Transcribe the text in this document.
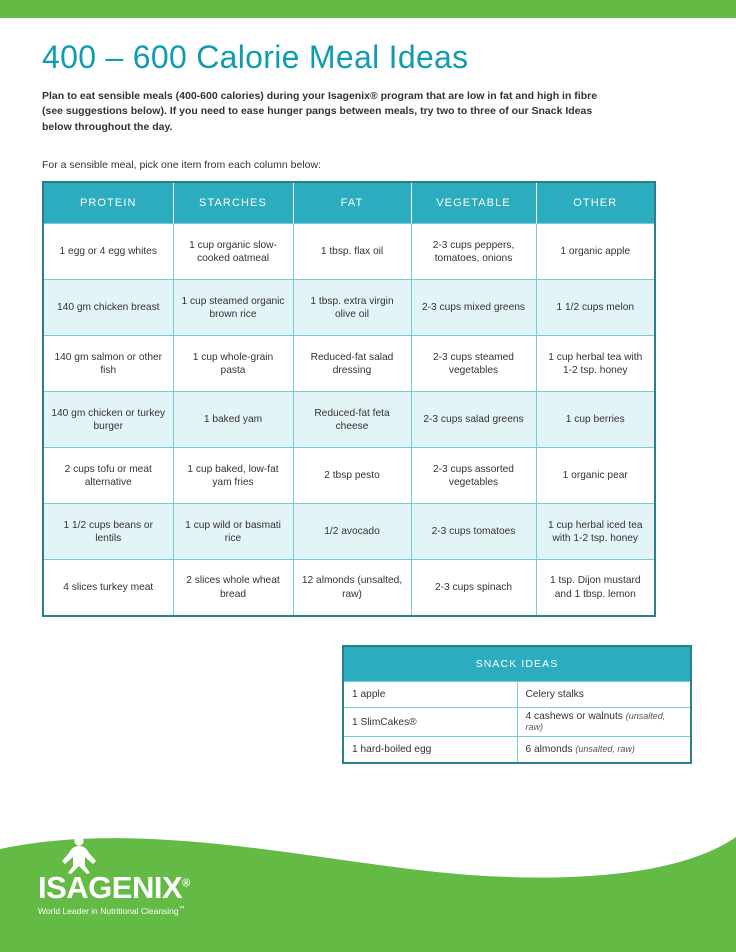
400 – 600 Calorie Meal Ideas

Plan to eat sensible meals (400-600 calories) during your Isagenix® program that are low in fat and high in fibre (see suggestions below). If you need to ease hunger pangs between meals, try two to three of our Snack Ideas below throughout the day.

For a sensible meal, pick one item from each column below:

PROTEIN	STARCHES	FAT	VEGETABLE	OTHER
1 egg or 4 egg whites	1 cup organic slow-cooked oatmeal	1 tbsp. flax oil	2-3 cups peppers, tomatoes, onions	1 organic apple
140 gm chicken breast	1 cup steamed organic brown rice	1 tbsp. extra virgin olive oil	2-3 cups mixed greens	1 1/2 cups melon
140 gm salmon or other fish	1 cup whole-grain pasta	Reduced-fat salad dressing	2-3 cups steamed vegetables	1 cup herbal tea with 1-2 tsp. honey
140 gm chicken or turkey burger	1 baked yam	Reduced-fat feta cheese	2-3 cups salad greens	1 cup berries
2 cups tofu or meat alternative	1 cup baked, low-fat yam fries	2 tbsp pesto	2-3 cups assorted vegetables	1 organic pear
1 1/2 cups beans or lentils	1 cup wild or basmati rice	1/2 avocado	2-3 cups tomatoes	1 cup herbal iced tea with 1-2 tsp. honey
4 slices turkey meat	2 slices whole wheat bread	12 almonds (unsalted, raw)	2-3 cups spinach	1 tsp. Dijon mustard and 1 tbsp. lemon
SNACK IDEAS	
1 apple	Celery stalks
1 SlimCakes®	4 cashews or walnuts (unsalted, raw)
1 hard-boiled egg	6 almonds (unsalted, raw)
ISAGENIX®
World Leader in Nutritional Cleansing™
